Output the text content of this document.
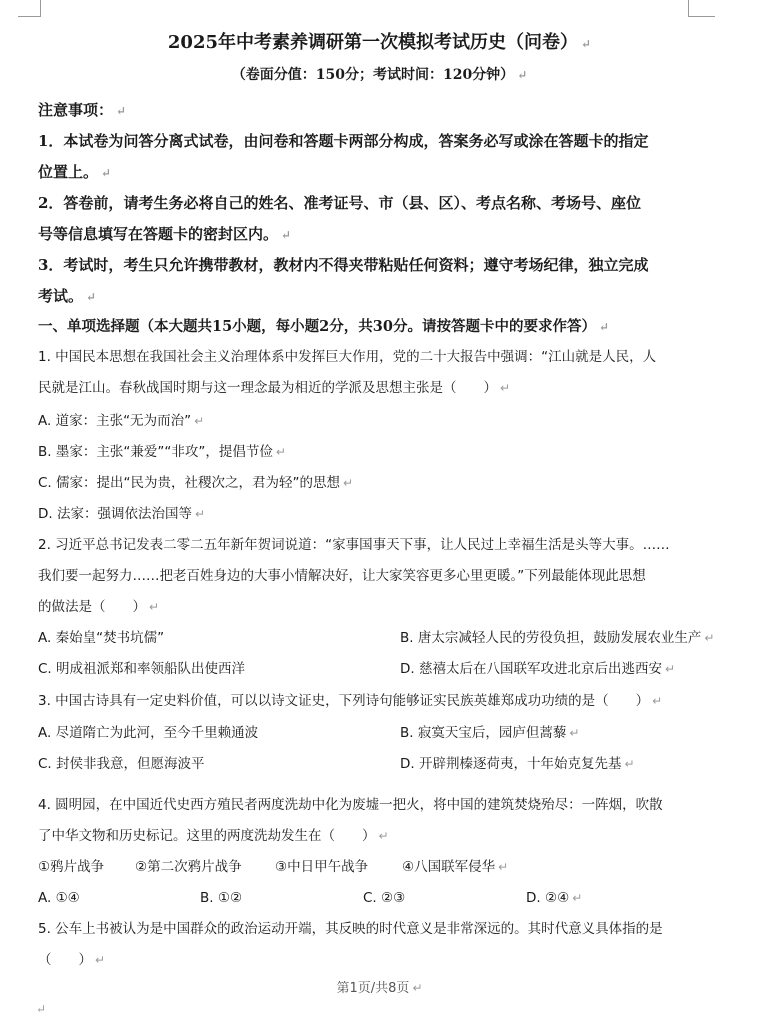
2025年中考素养调研第一次模拟考试历史（问卷） ↵
（卷面分值：150分；考试时间：120分钟） ↵
注意事项： ↵
1．本试卷为问答分离式试卷，由问卷和答题卡两部分构成，答案务必写或涂在答题卡的指定
位置上。 ↵
2．答卷前，请考生务必将自己的姓名、准考证号、市（县、区）、考点名称、考场号、座位
号等信息填写在答题卡的密封区内。 ↵
3．考试时，考生只允许携带教材，教材内不得夹带粘贴任何资料；遵守考场纪律，独立完成
考试。 ↵
一、单项选择题（本大题共15小题，每小题2分，共30分。请按答题卡中的要求作答） ↵
1. 中国民本思想在我国社会主义治理体系中发挥巨大作用，党的二十大报告中强调：“江山就是人民，人
民就是江山。春秋战国时期与这一理念最为相近的学派及思想主张是（　　） ↵
A. 道家：主张“无为而治” ↵
B. 墨家：主张“兼爱”“非攻”，提倡节俭 ↵
C. 儒家：提出“民为贵，社稷次之，君为轻”的思想 ↵
D. 法家：强调依法治国等 ↵
2. 习近平总书记发表二零二五年新年贺词说道：“家事国事天下事，让人民过上幸福生活是头等大事。……
我们要一起努力……把老百姓身边的大事小情解决好，让大家笑容更多心里更暖。”下列最能体现此思想
的做法是（　　） ↵
A. 秦始皇“焚书坑儒”	B. 唐太宗减轻人民的劳役负担，鼓励发展农业生产 ↵
C. 明成祖派郑和率领船队出使西洋	D. 慈禧太后在八国联军攻进北京后出逃西安 ↵
3. 中国古诗具有一定史料价值，可以以诗文证史，下列诗句能够证实民族英雄郑成功功绩的是（　　） ↵
A. 尽道隋亡为此河，至今千里赖通波	B. 寂寞天宝后，园庐但蒿藜 ↵
C. 封侯非我意，但愿海波平	D. 开辟荆榛逐荷夷，十年始克复先基 ↵
4. 圆明园，在中国近代史西方殖民者两度洗劫中化为废墟一把火，将中国的建筑焚烧殆尽：一阵烟，吹散
了中华文物和历史标记。这里的两度洗劫发生在（　　） ↵
①鸦片战争 ②第二次鸦片战争 ③中日甲午战争	④八国联军侵华 ↵
A. ①④	B. ①②	C. ②③	D. ②④ ↵
5. 公车上书被认为是中国群众的政治运动开端，其反映的时代意义是非常深远的。其时代意义具体指的是
（　　） ↵
第1页/共8页 ↵
↵
